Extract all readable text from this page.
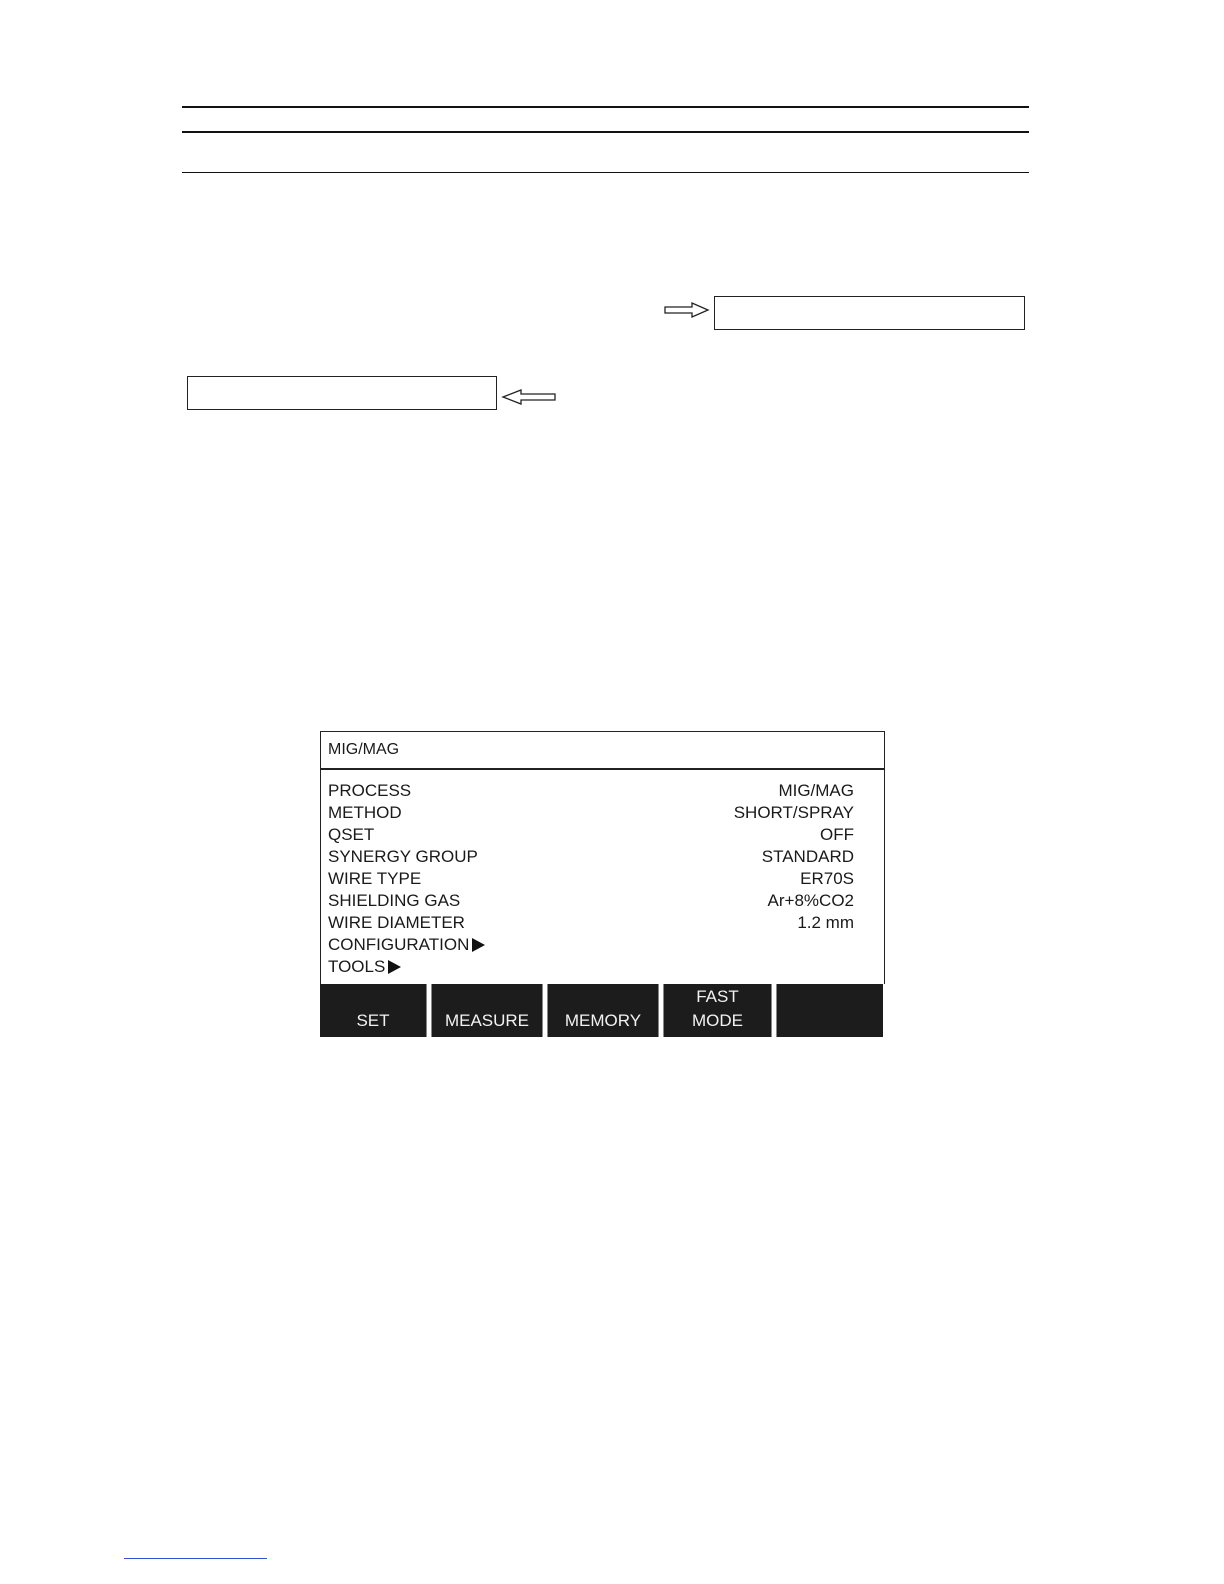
MIG/MAG
PROCESS	MIG/MAG
METHOD	SHORT/SPRAY
QSET	OFF
SYNERGY GROUP	STANDARD
WIRE TYPE	ER70S
SHIELDING GAS	Ar+8%CO2
WIRE DIAMETER	1.2 mm
CONFIGURATION
TOOLS
SET	MEASURE MEMORY
FAST
MODE
